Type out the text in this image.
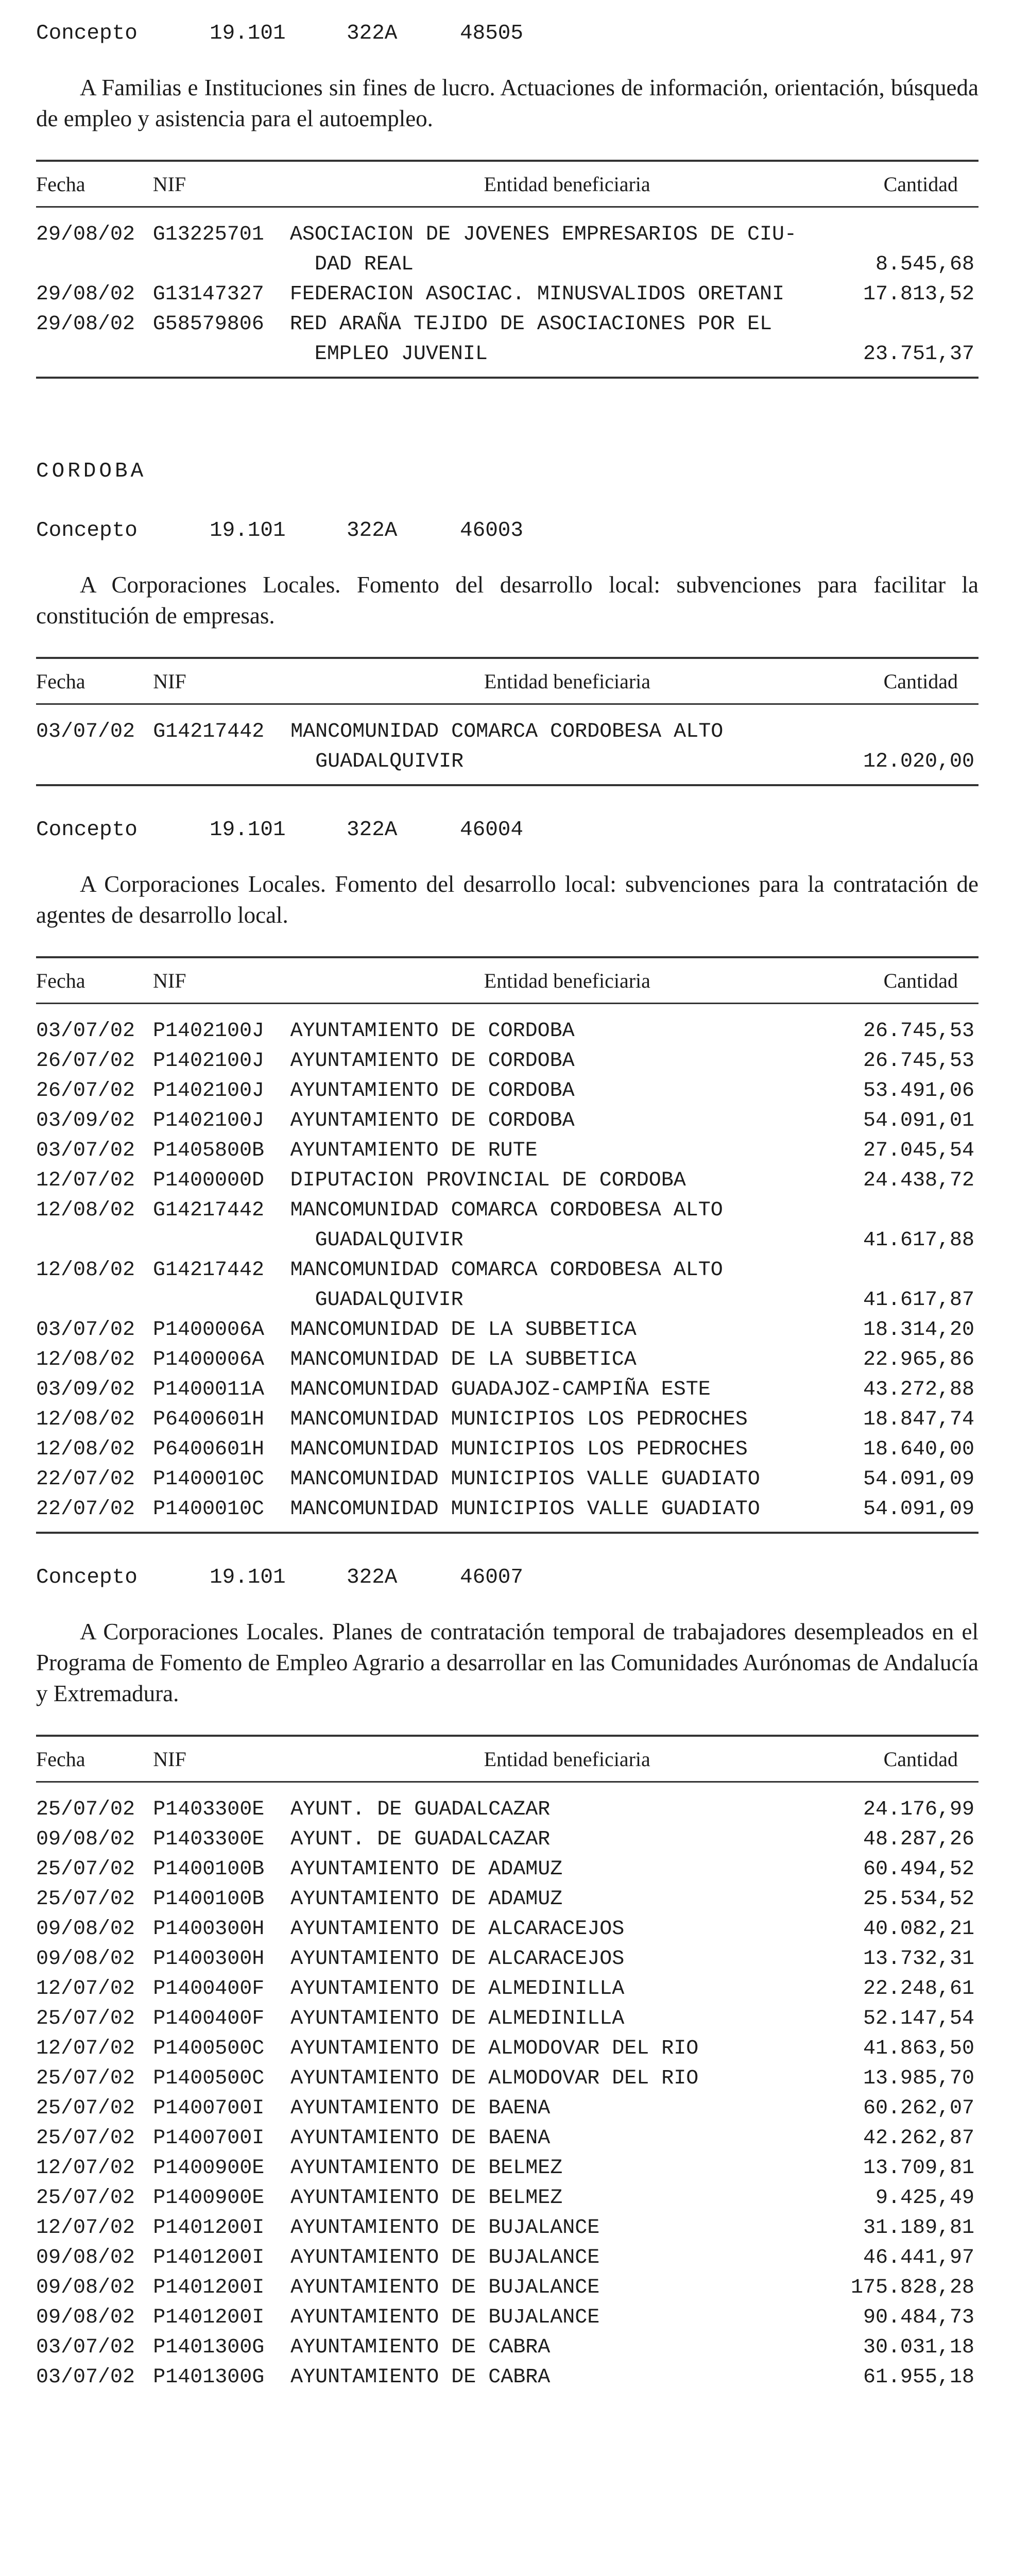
Concepto	19.101	322A	48505
A Familias e Instituciones sin fines de lucro. Actuaciones de información, orientación, búsqueda de empleo y asistencia para el autoempleo.
Fecha	NIF	Entidad beneficiaria	Cantidad

29/08/02	G13225701	ASOCIACION DE JOVENES EMPRESARIOS DE CIU-
DAD REAL	8.545,68
29/08/02	G13147327	FEDERACION ASOCIAC. MINUSVALIDOS ORETANI	17.813,52
29/08/02	G58579806	RED ARAÑA TEJIDO DE ASOCIACIONES POR EL
EMPLEO JUVENIL	23.751,37
CORDOBA
Concepto	19.101	322A	46003
A Corporaciones Locales. Fomento del desarrollo local: subvenciones para facilitar la constitución de empresas.
Fecha	NIF	Entidad beneficiaria	Cantidad

03/07/02	G14217442	MANCOMUNIDAD COMARCA CORDOBESA ALTO
GUADALQUIVIR	12.020,00
Concepto	19.101	322A	46004
A Corporaciones Locales. Fomento del desarrollo local: subvenciones para la contratación de agentes de desarrollo local.
Fecha	NIF	Entidad beneficiaria	Cantidad

03/07/02	P1402100J	AYUNTAMIENTO DE CORDOBA	26.745,53
26/07/02	P1402100J	AYUNTAMIENTO DE CORDOBA	26.745,53
26/07/02	P1402100J	AYUNTAMIENTO DE CORDOBA	53.491,06
03/09/02	P1402100J	AYUNTAMIENTO DE CORDOBA	54.091,01
03/07/02	P1405800B	AYUNTAMIENTO DE RUTE	27.045,54
12/07/02	P1400000D	DIPUTACION PROVINCIAL DE CORDOBA	24.438,72
12/08/02	G14217442	MANCOMUNIDAD COMARCA CORDOBESA ALTO
GUADALQUIVIR	41.617,88
12/08/02	G14217442	MANCOMUNIDAD COMARCA CORDOBESA ALTO
GUADALQUIVIR	41.617,87
03/07/02	P1400006A	MANCOMUNIDAD DE LA SUBBETICA	18.314,20
12/08/02	P1400006A	MANCOMUNIDAD DE LA SUBBETICA	22.965,86
03/09/02	P1400011A	MANCOMUNIDAD GUADAJOZ-CAMPIÑA ESTE	43.272,88
12/08/02	P6400601H	MANCOMUNIDAD MUNICIPIOS LOS PEDROCHES	18.847,74
12/08/02	P6400601H	MANCOMUNIDAD MUNICIPIOS LOS PEDROCHES	18.640,00
22/07/02	P1400010C	MANCOMUNIDAD MUNICIPIOS VALLE GUADIATO	54.091,09
22/07/02	P1400010C	MANCOMUNIDAD MUNICIPIOS VALLE GUADIATO	54.091,09
Concepto	19.101	322A	46007
A Corporaciones Locales. Planes de contratación temporal de trabajadores desempleados en el Programa de Fomento de Empleo Agrario a desarrollar en las Comunidades Aurónomas de Andalucía y Extremadura.
Fecha	NIF	Entidad beneficiaria	Cantidad

25/07/02	P1403300E	AYUNT. DE GUADALCAZAR	24.176,99
09/08/02	P1403300E	AYUNT. DE GUADALCAZAR	48.287,26
25/07/02	P1400100B	AYUNTAMIENTO DE ADAMUZ	60.494,52
25/07/02	P1400100B	AYUNTAMIENTO DE ADAMUZ	25.534,52
09/08/02	P1400300H	AYUNTAMIENTO DE ALCARACEJOS	40.082,21
09/08/02	P1400300H	AYUNTAMIENTO DE ALCARACEJOS	13.732,31
12/07/02	P1400400F	AYUNTAMIENTO DE ALMEDINILLA	22.248,61
25/07/02	P1400400F	AYUNTAMIENTO DE ALMEDINILLA	52.147,54
12/07/02	P1400500C	AYUNTAMIENTO DE ALMODOVAR DEL RIO	41.863,50
25/07/02	P1400500C	AYUNTAMIENTO DE ALMODOVAR DEL RIO	13.985,70
25/07/02	P1400700I	AYUNTAMIENTO DE BAENA	60.262,07
25/07/02	P1400700I	AYUNTAMIENTO DE BAENA	42.262,87
12/07/02	P1400900E	AYUNTAMIENTO DE BELMEZ	13.709,81
25/07/02	P1400900E	AYUNTAMIENTO DE BELMEZ	9.425,49
12/07/02	P1401200I	AYUNTAMIENTO DE BUJALANCE	31.189,81
09/08/02	P1401200I	AYUNTAMIENTO DE BUJALANCE	46.441,97
09/08/02	P1401200I	AYUNTAMIENTO DE BUJALANCE	175.828,28
09/08/02	P1401200I	AYUNTAMIENTO DE BUJALANCE	90.484,73
03/07/02	P1401300G	AYUNTAMIENTO DE CABRA	30.031,18
03/07/02	P1401300G	AYUNTAMIENTO DE CABRA	61.955,18
